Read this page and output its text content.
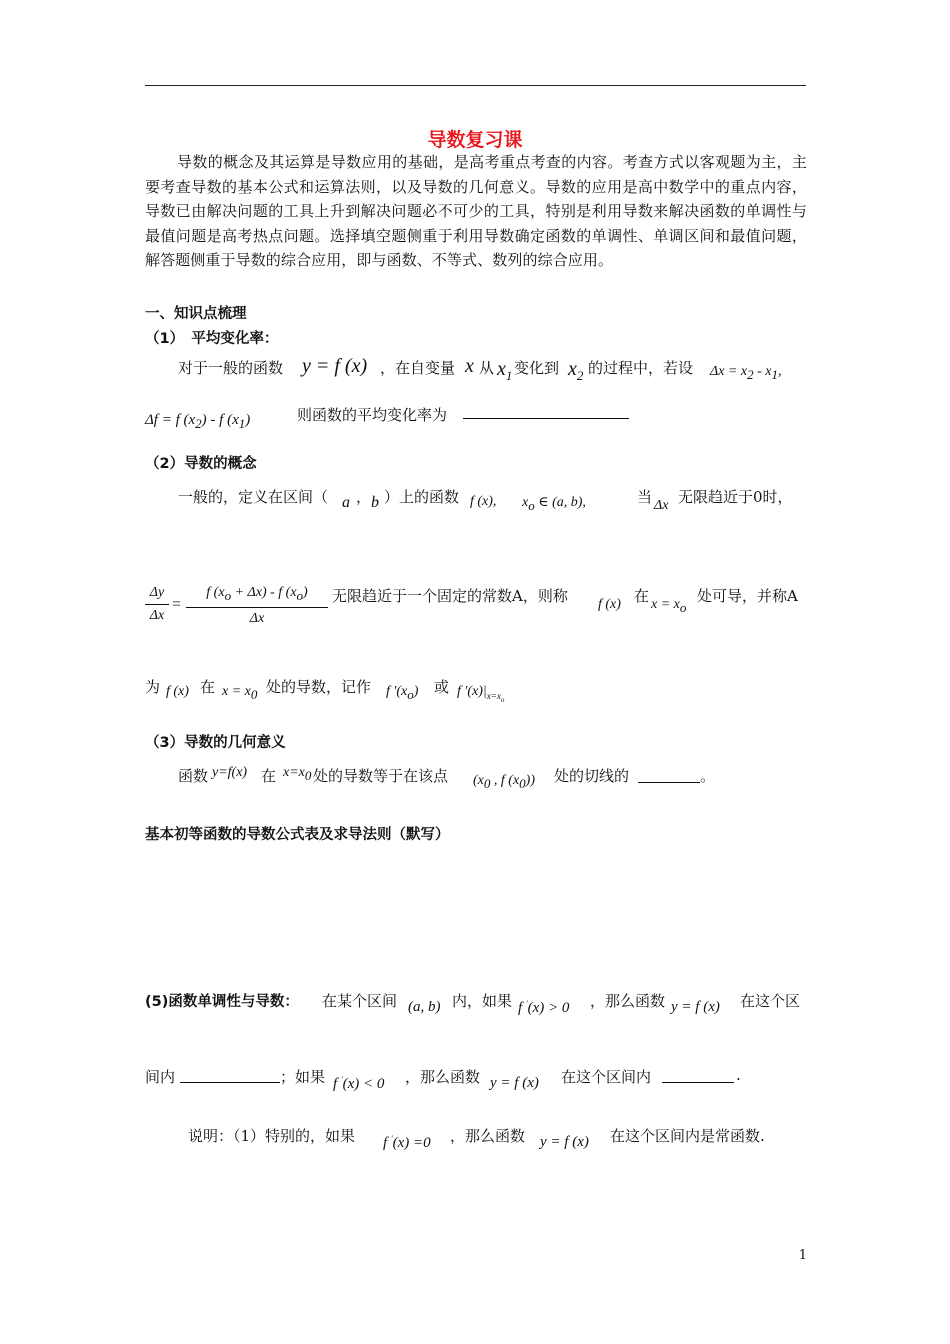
导数复习课
导数的概念及其运算是导数应用的基础，是高考重点考查的内容。考查方式以客观题为主，主要考查导数的基本公式和运算法则，以及导数的几何意义。导数的应用是高中数学中的重点内容，导数已由解决问题的工具上升到解决问题必不可少的工具，特别是利用导数来解决函数的单调性与最值问题是高考热点问题。选择填空题侧重于利用导数确定函数的单调性、单调区间和最值问题，解答题侧重于导数的综合应用，即与函数、不等式、数列的综合应用。
一、知识点梳理
（1）　平均变化率：
对于一般的函数 y = f (x) ，在自变量 x 从 $x_1$ 变化到 $x_2$ 的过程中，若设 $\Delta x = x_2 - x_1$,
Δf = f $(x_2)$ - f $(x_1)$	则函数的平均变化率为
（2）导数的概念
一般的，定义在区间（ a ， b ）上的函数 f (x), $x_o$ ∈ (a, b),	当 Δx 无限趋近于0时，
Δy
Δx
=
f $(x_o + \Delta x) - f$ $(x_o)$
Δx
无限趋近于一个固定的常数A，则称 f (x) 在 $x = x_o$
处可导，并称A
为 f (x) 在 $x = x_0$ 处的导数，记作 f '$(x_o)$ 或 f '$(x)|_{x=x_o}$
（3）导数的几何意义
函数 y=f(x) 在 $x=x_0$ 处的导数等于在该点 ($x_0$ , f $(x_0)$) 处的切线的	。
基本初等函数的导数公式表及求导法则（默写）
(5)函数单调性与导数： 在某个区间 (a, b) 内，如果 f '(x) > 0 ，那么函数 y = f (x) 在这个区
间内	；如果 f '(x) < 0 ，那么函数 y = f (x) 在这个区间内	.
说明：（1）特别的，如果 f '(x) =0 ，那么函数 y = f (x) 在这个区间内是常函数.
1
